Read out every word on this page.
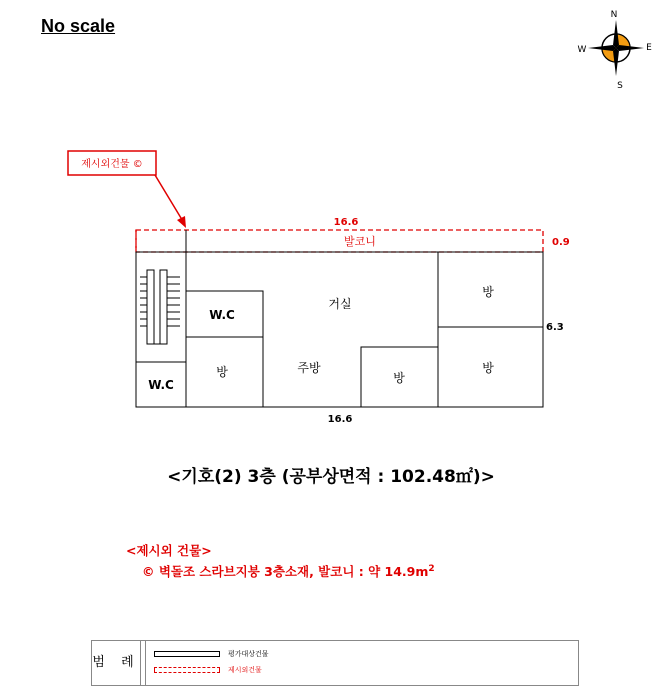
No scale
N
S
E
W
제시외건물 ©
16.6
발코니	0.9
W.C
W.C
거실
주방
방	방
방
방
6.3
16.6
<기호(2) 3층 (공부상면적 : 102.48㎡)>
<제시외 건물>
© 벽돌조 스라브지붕 3층소재, 발코니 : 약 $14.9m^2$
범 례
평가대상건물
제시외건물
